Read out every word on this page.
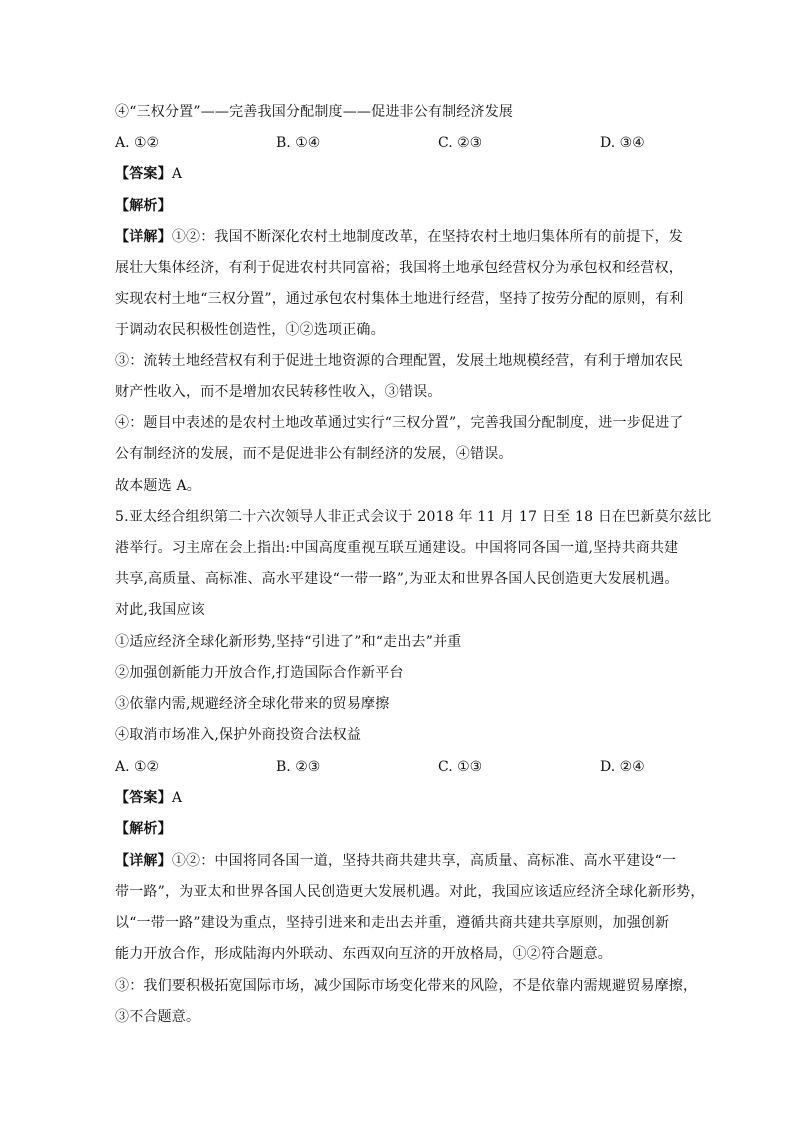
④“三权分置”——完善我国分配制度——促进非公有制经济发展
A. ①②	B. ①④	C. ②③	D. ③④
【答案】A
【解析】
【详解】①②：我国不断深化农村土地制度改革，在坚持农村土地归集体所有的前提下，发
展壮大集体经济，有利于促进农村共同富裕；我国将土地承包经营权分为承包权和经营权，
实现农村土地“三权分置”，通过承包农村集体土地进行经营，坚持了按劳分配的原则，有利
于调动农民积极性创造性，①②选项正确。
③：流转土地经营权有利于促进土地资源的合理配置，发展土地规模经营，有利于增加农民
财产性收入，而不是增加农民转移性收入，③错误。
④：题目中表述的是农村土地改革通过实行“三权分置”，完善我国分配制度，进一步促进了
公有制经济的发展，而不是促进非公有制经济的发展，④错误。
故本题选 A。
5.亚太经合组织第二十六次领导人非正式会议于 2018 年 11 月 17 日至 18 日在巴新莫尔兹比
港举行。习主席在会上指出:中国高度重视互联互通建设。中国将同各国一道,坚持共商共建
共享,高质量、高标准、高水平建设“一带一路”,为亚太和世界各国人民创造更大发展机遇。
对此,我国应该
①适应经济全球化新形势,坚持“引进了”和“走出去”并重
②加强创新能力开放合作,打造国际合作新平台
③依靠内需,规避经济全球化带来的贸易摩擦
④取消市场准入,保护外商投资合法权益
A. ①②	B. ②③	C. ①③	D. ②④
【答案】A
【解析】
【详解】①②：中国将同各国一道，坚持共商共建共享，高质量、高标准、高水平建设“一
带一路”，为亚太和世界各国人民创造更大发展机遇。对此，我国应该适应经济全球化新形势，
以“一带一路”建设为重点，坚持引进来和走出去并重，遵循共商共建共享原则，加强创新
能力开放合作，形成陆海内外联动、东西双向互济的开放格局，①②符合题意。
③：我们要积极拓宽国际市场，减少国际市场变化带来的风险，不是依靠内需规避贸易摩擦，
③不合题意。
